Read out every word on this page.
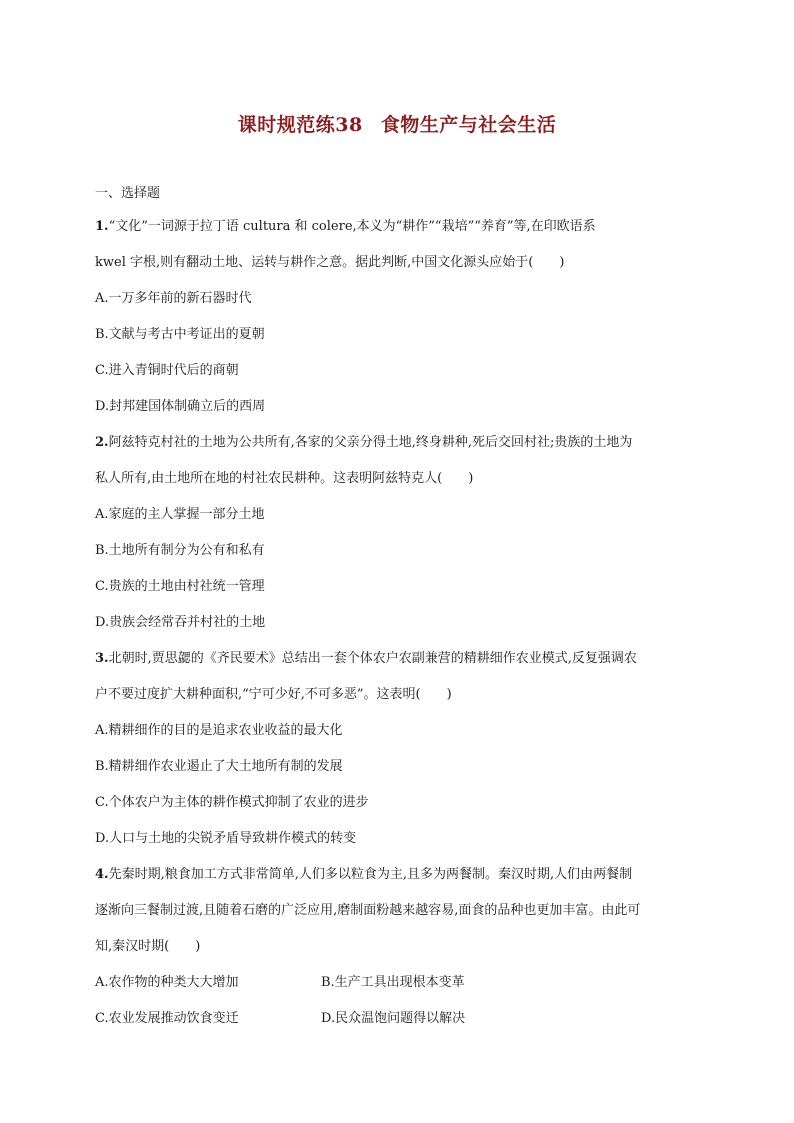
课时规范练38 食物生产与社会生活
一、选择题
1.“文化”一词源于拉丁语 cultura 和 colere,本义为“耕作”“栽培”“养育”等,在印欧语系
kwel 字根,则有翻动土地、运转与耕作之意。据此判断,中国文化源头应始于(　　)
A.一万多年前的新石器时代
B.文献与考古中考证出的夏朝
C.进入青铜时代后的商朝
D.封邦建国体制确立后的西周
2.阿兹特克村社的土地为公共所有,各家的父亲分得土地,终身耕种,死后交回村社;贵族的土地为
私人所有,由土地所在地的村社农民耕种。这表明阿兹特克人(　　)
A.家庭的主人掌握一部分土地
B.土地所有制分为公有和私有
C.贵族的土地由村社统一管理
D.贵族会经常吞并村社的土地
3.北朝时,贾思勰的《齐民要术》总结出一套个体农户农副兼营的精耕细作农业模式,反复强调农
户不要过度扩大耕种面积,“宁可少好,不可多恶”。这表明(　　)
A.精耕细作的目的是追求农业收益的最大化
B.精耕细作农业遏止了大土地所有制的发展
C.个体农户为主体的耕作模式抑制了农业的进步
D.人口与土地的尖锐矛盾导致耕作模式的转变
4.先秦时期,粮食加工方式非常简单,人们多以粒食为主,且多为两餐制。秦汉时期,人们由两餐制
逐渐向三餐制过渡,且随着石磨的广泛应用,磨制面粉越来越容易,面食的品种也更加丰富。由此可
知,秦汉时期(　　)
A.农作物的种类大大增加	B.生产工具出现根本变革
C.农业发展推动饮食变迁	D.民众温饱问题得以解决
